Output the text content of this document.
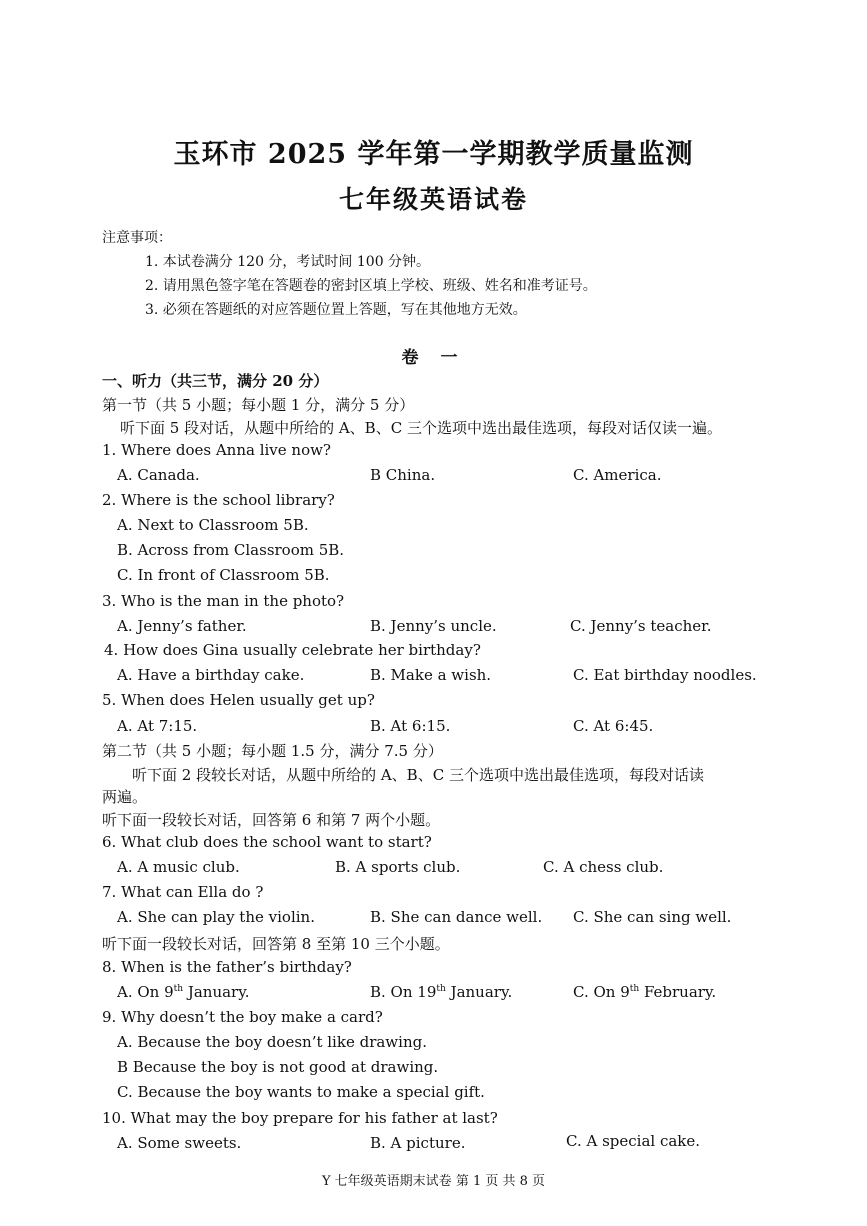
玉环市 2025 学年第一学期教学质量监测
七年级英语试卷
注意事项：
1. 本试卷满分 120 分，考试时间 100 分钟。
2. 请用黑色签字笔在答题卷的密封区填上学校、班级、姓名和准考证号。
3. 必须在答题纸的对应答题位置上答题，写在其他地方无效。
卷 一
一、听力（共三节，满分 20 分）
第一节（共 5 小题；每小题 1 分，满分 5 分）
听下面 5 段对话，从题中所给的 A、B、C 三个选项中选出最佳选项，每段对话仅读一遍。
1. Where does Anna live now?
A. Canada.	B China.	C. America.
2. Where is the school library?
A. Next to Classroom 5B.
B. Across from Classroom 5B.
C. In front of Classroom 5B.
3. Who is the man in the photo?
A. Jenny’s father.	B. Jenny’s uncle.	C. Jenny’s teacher.
4. How does Gina usually celebrate her birthday?
A. Have a birthday cake.	B. Make a wish.	C. Eat birthday noodles.
5. When does Helen usually get up?
A. At 7:15.	B. At 6:15.	C. At 6:45.
第二节（共 5 小题；每小题 1.5 分，满分 7.5 分）
听下面 2 段较长对话，从题中所给的 A、B、C 三个选项中选出最佳选项，每段对话读
两遍。
听下面一段较长对话，回答第 6 和第 7 两个小题。
6. What club does the school want to start?
A. A music club.	B. A sports club.	C. A chess club.
7. What can Ella do ?
A. She can play the violin.	B. She can dance well. C. She can sing well.
听下面一段较长对话，回答第 8 至第 10 三个小题。
8. When is the father’s birthday?
A. On 9th January.	B. On 19th January.	C. On 9th February.
9. Why doesn’t the boy make a card?
A. Because the boy doesn’t like drawing.
B Because the boy is not good at drawing.
C. Because the boy wants to make a special gift.
10. What may the boy prepare for his father at last?
A. Some sweets.	B. A picture.	C. A special cake.
Y 七年级英语期末试卷 第 1 页 共 8 页
